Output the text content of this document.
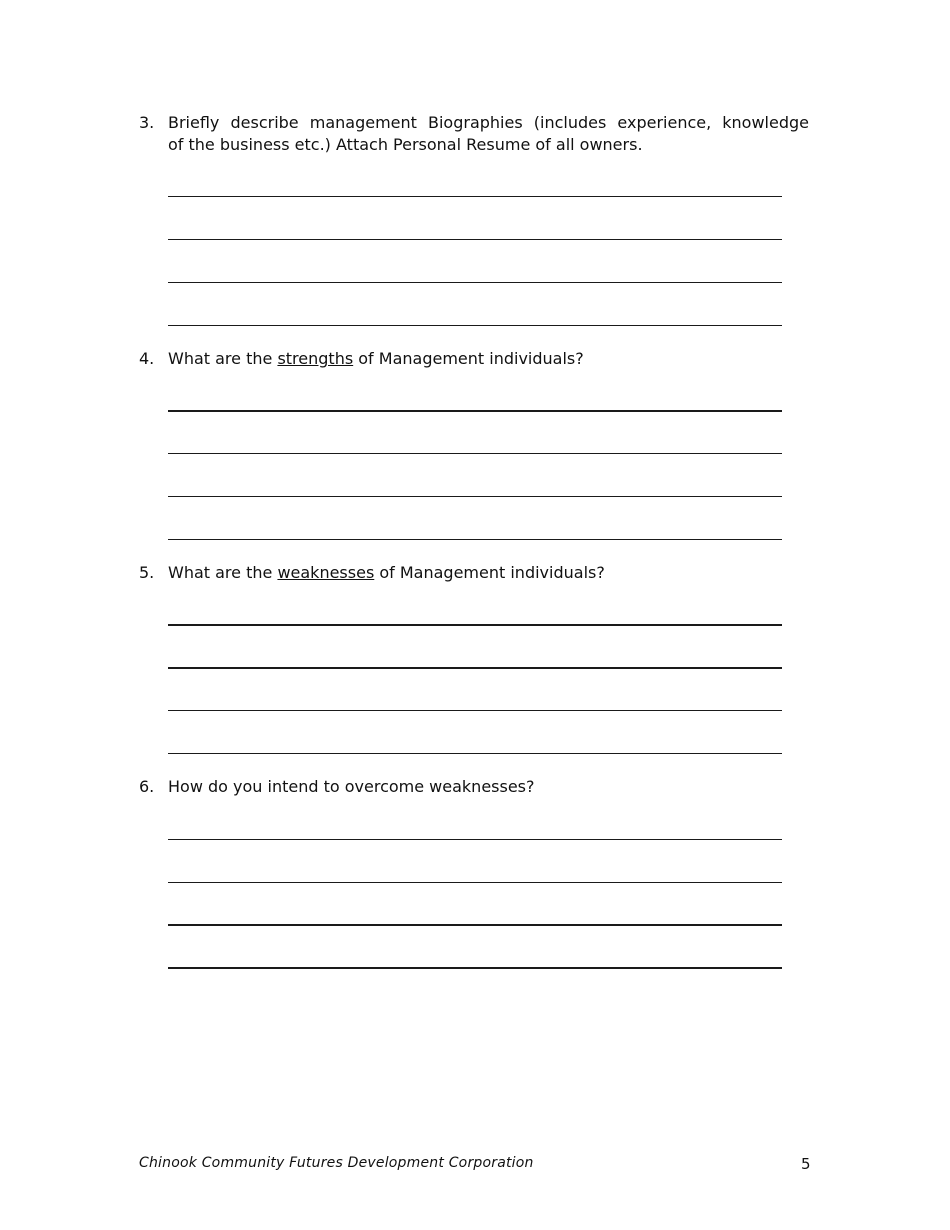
3. Briefly describe management Biographies (includes experience, knowledge
of the business etc.) Attach Personal Resume of all owners.
4. What are the strengths of Management individuals?
5. What are the weaknesses of Management individuals?
6. How do you intend to overcome weaknesses?
Chinook Community Futures Development Corporation	5
